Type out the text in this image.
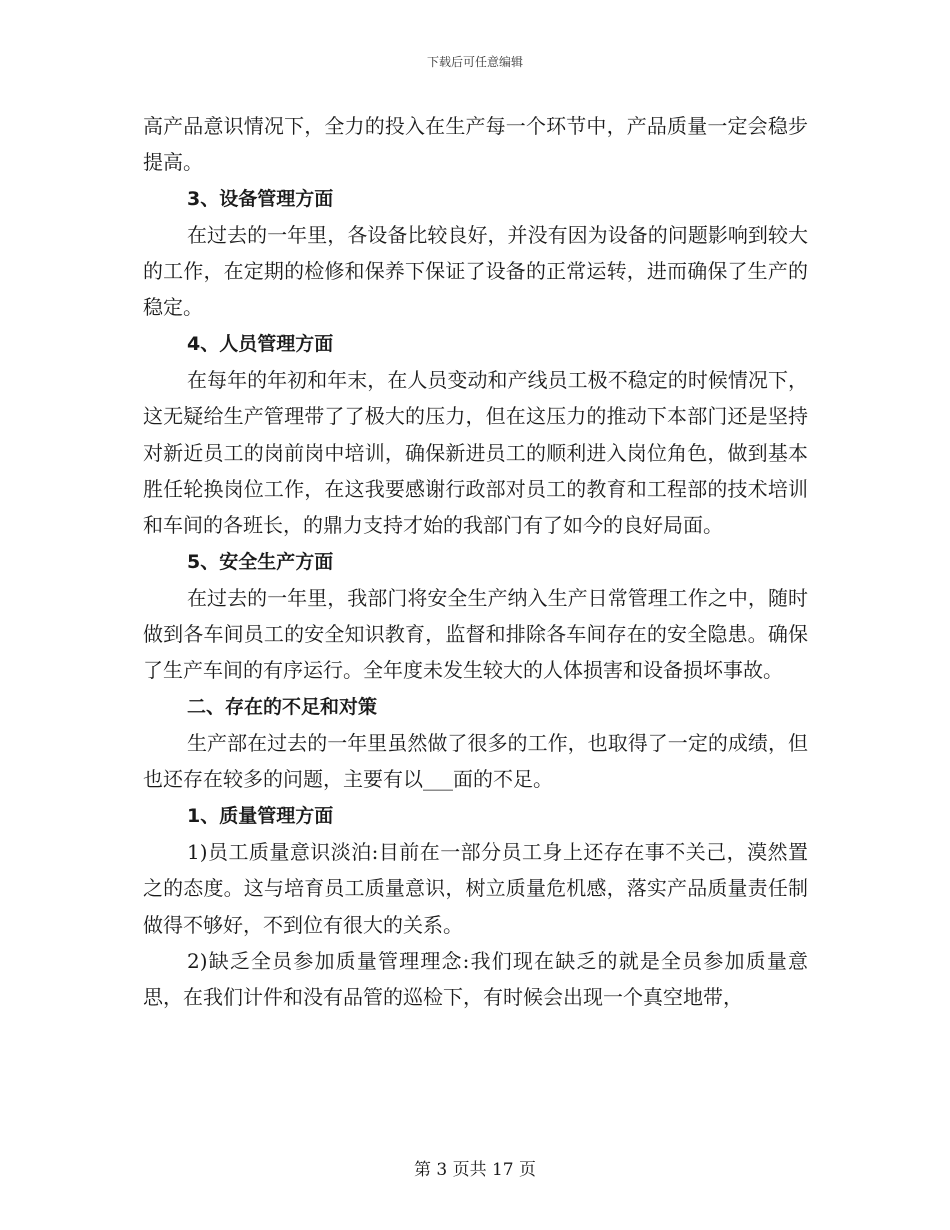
下载后可任意编辑

高产品意识情况下，全力的投入在生产每一个环节中，产品质量一定会稳步提高。

3、设备管理方面

在过去的一年里，各设备比较良好，并没有因为设备的问题影响到较大的工作，在定期的检修和保养下保证了设备的正常运转，进而确保了生产的稳定。

4、人员管理方面

在每年的年初和年末，在人员变动和产线员工极不稳定的时候情况下，这无疑给生产管理带了了极大的压力，但在这压力的推动下本部门还是坚持对新近员工的岗前岗中培训，确保新进员工的顺利进入岗位角色，做到基本胜任轮换岗位工作，在这我要感谢行政部对员工的教育和工程部的技术培训和车间的各班长，的鼎力支持才始的我部门有了如今的良好局面。

5、安全生产方面

在过去的一年里，我部门将安全生产纳入生产日常管理工作之中，随时做到各车间员工的安全知识教育，监督和排除各车间存在的安全隐患。确保了生产车间的有序运行。全年度未发生较大的人体损害和设备损坏事故。

二、存在的不足和对策

生产部在过去的一年里虽然做了很多的工作，也取得了一定的成绩，但也还存在较多的问题，主要有以___面的不足。

1、质量管理方面

1)员工质量意识淡泊:目前在一部分员工身上还存在事不关己，漠然置之的态度。这与培育员工质量意识，树立质量危机感，落实产品质量责任制做得不够好，不到位有很大的关系。

2)缺乏全员参加质量管理理念:我们现在缺乏的就是全员参加质量意思，在我们计件和没有品管的巡检下，有时候会出现一个真空地带，

第 3 页共 17 页
